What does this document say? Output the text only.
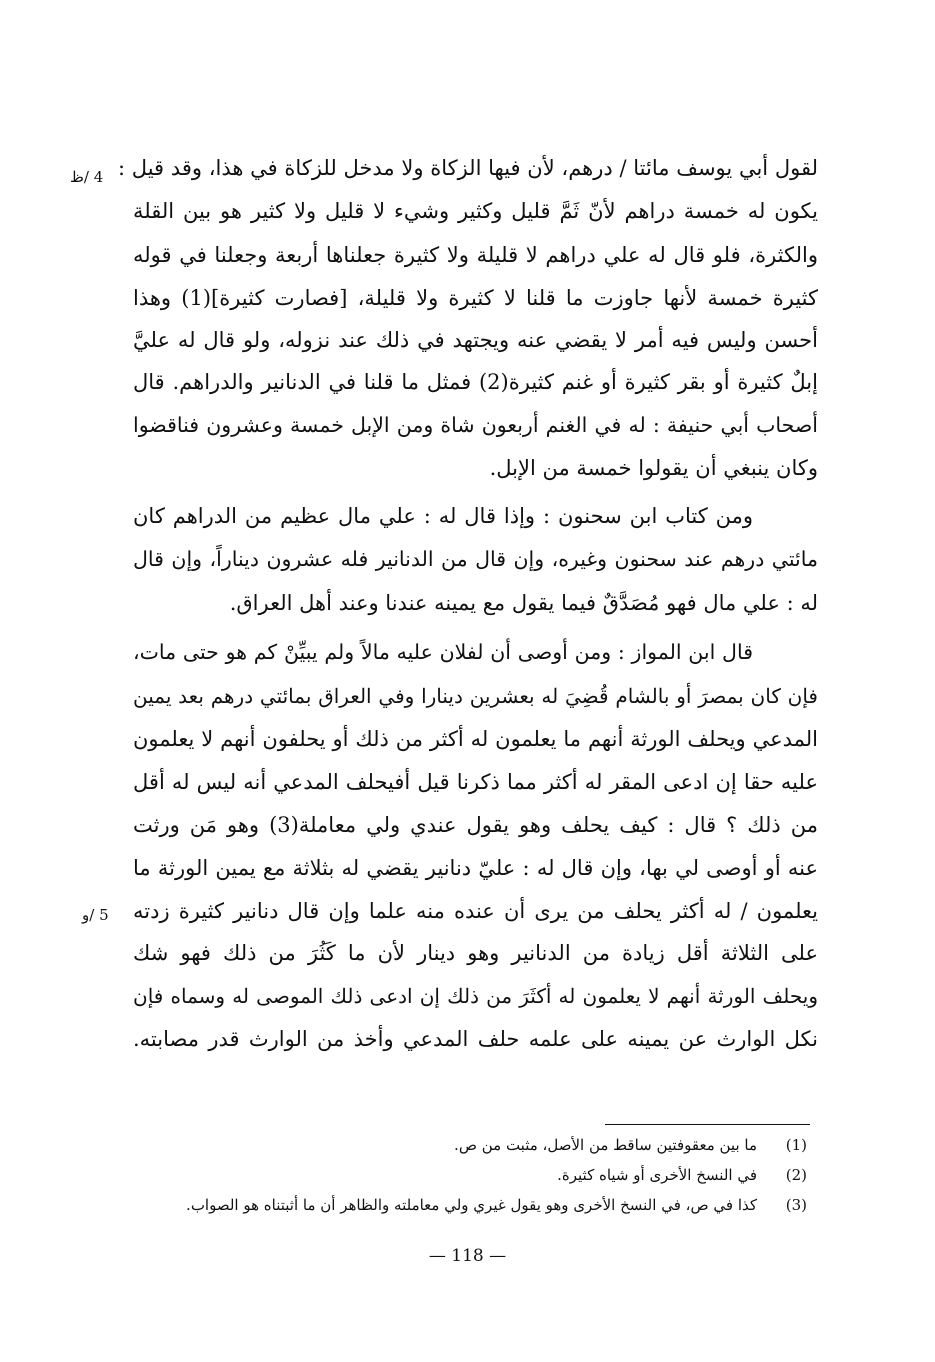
4 /ظ
5 /و
لقول أبي يوسف مائتا / درهم، لأن فيها الزكاة ولا مدخل للزكاة في هذا، وقد قيل :
يكون له خمسة دراهم لأنّ ثَمَّ قليل وكثير وشيء لا قليل ولا كثير هو بين القلة
والكثرة، فلو قال له علي دراهم لا قليلة ولا كثيرة جعلناها أربعة وجعلنا في قوله
كثيرة خمسة لأنها جاوزت ما قلنا لا كثيرة ولا قليلة، [فصارت كثيرة](1) وهذا
أحسن وليس فيه أمر لا يقضي عنه ويجتهد في ذلك عند نزوله، ولو قال له عليَّ
إبلٌ كثيرة أو بقر كثيرة أو غنم كثيرة(2) فمثل ما قلنا في الدنانير والدراهم. قال
أصحاب أبي حنيفة : له في الغنم أربعون شاة ومن الإبل خمسة وعشرون فناقضوا
وكان ينبغي أن يقولوا خمسة من الإبل.
ومن كتاب ابن سحنون : وإذا قال له : علي مال عظيم من الدراهم كان
مائتي درهم عند سحنون وغيره، وإن قال من الدنانير فله عشرون ديناراً، وإن قال
له : علي مال فهو مُصَدَّقٌ فيما يقول مع يمينه عندنا وعند أهل العراق.
قال ابن المواز : ومن أوصى أن لفلان عليه مالاً ولم يبيِّنْ كم هو حتى مات،
فإن كان بمصرَ أو بالشام قُضِيَ له بعشرين دينارا وفي العراق بمائتي درهم بعد يمين
المدعي ويحلف الورثة أنهم ما يعلمون له أكثر من ذلك أو يحلفون أنهم لا يعلمون
عليه حقا إن ادعى المقر له أكثر مما ذكرنا قيل أفيحلف المدعي أنه ليس له أقل
من ذلك ؟ قال : كيف يحلف وهو يقول عندي ولي معاملة(3) وهو مَن ورثت
عنه أو أوصى لي بها، وإن قال له : عليّ دنانير يقضي له بثلاثة مع يمين الورثة ما
يعلمون / له أكثر يحلف من يرى أن عنده منه علما وإن قال دنانير كثيرة زدته
على الثلاثة أقل زيادة من الدنانير وهو دينار لأن ما كَثُرَ من ذلك فهو شك
ويحلف الورثة أنهم لا يعلمون له أكثَرَ من ذلك إن ادعى ذلك الموصى له وسماه فإن
نكل الوارث عن يمينه على علمه حلف المدعي وأخذ من الوارث قدر مصابته.
(1)
ما بين معقوفتين ساقط من الأصل، مثبت من ص.
(2)
في النسخ الأخرى أو شياه كثيرة.
(3)
كذا في ص، في النسخ الأخرى وهو يقول غيري ولي معاملته والظاهر أن ما أثبتناه هو الصواب.
— 118 —
